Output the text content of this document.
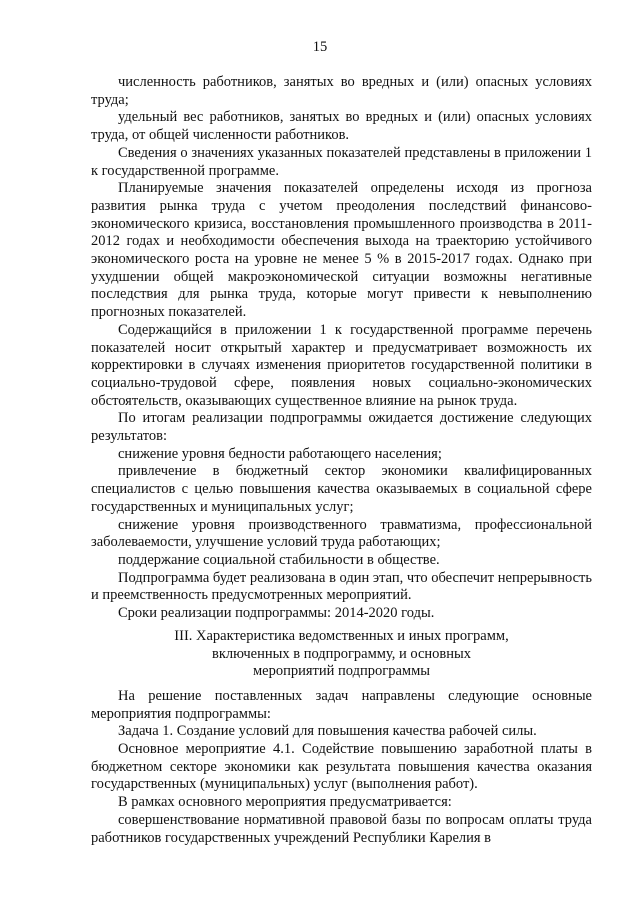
15

численность работников, занятых во вредных и (или) опасных условиях труда;

удельный вес работников, занятых во вредных и (или) опасных условиях труда, от общей численности работников.

Сведения о значениях указанных показателей представлены в приложении 1 к государственной программе.

Планируемые значения показателей определены исходя из прогноза развития рынка труда с учетом преодоления последствий финансово-экономического кризиса, восстановления промышленного производства в 2011-2012 годах и необходимости обеспечения выхода на траекторию устойчивого экономического роста на уровне не менее 5 % в 2015-2017 годах. Однако при ухудшении общей макроэкономической ситуации возможны негативные последствия для рынка труда, которые могут привести к невыполнению прогнозных показателей.

Содержащийся в приложении 1 к государственной программе перечень показателей носит открытый характер и предусматривает возможность их корректировки в случаях изменения приоритетов государственной политики в социально-трудовой сфере, появления новых социально-экономических обстоятельств, оказывающих существенное влияние на рынок труда.

По итогам реализации подпрограммы ожидается достижение следующих результатов:

снижение уровня бедности работающего населения;

привлечение в бюджетный сектор экономики квалифицированных специалистов с целью повышения качества оказываемых в социальной сфере государственных и муниципальных услуг;

снижение уровня производственного травматизма, профессиональной заболеваемости, улучшение условий труда работающих;

поддержание социальной стабильности в обществе.

Подпрограмма будет реализована в один этап, что обеспечит непрерывность и преемственность предусмотренных мероприятий.

Сроки реализации подпрограммы: 2014-2020 годы.

III. Характеристика ведомственных и иных программ,
включенных в подпрограмму, и основных
мероприятий подпрограммы

На решение поставленных задач направлены следующие основные мероприятия подпрограммы:

Задача 1. Создание условий для повышения качества рабочей силы.

Основное мероприятие 4.1. Содействие повышению заработной платы в бюджетном секторе экономики как результата повышения качества оказания государственных (муниципальных) услуг (выполнения работ).

В рамках основного мероприятия предусматривается:

совершенствование нормативной правовой базы по вопросам оплаты труда работников государственных учреждений Республики Карелия в
